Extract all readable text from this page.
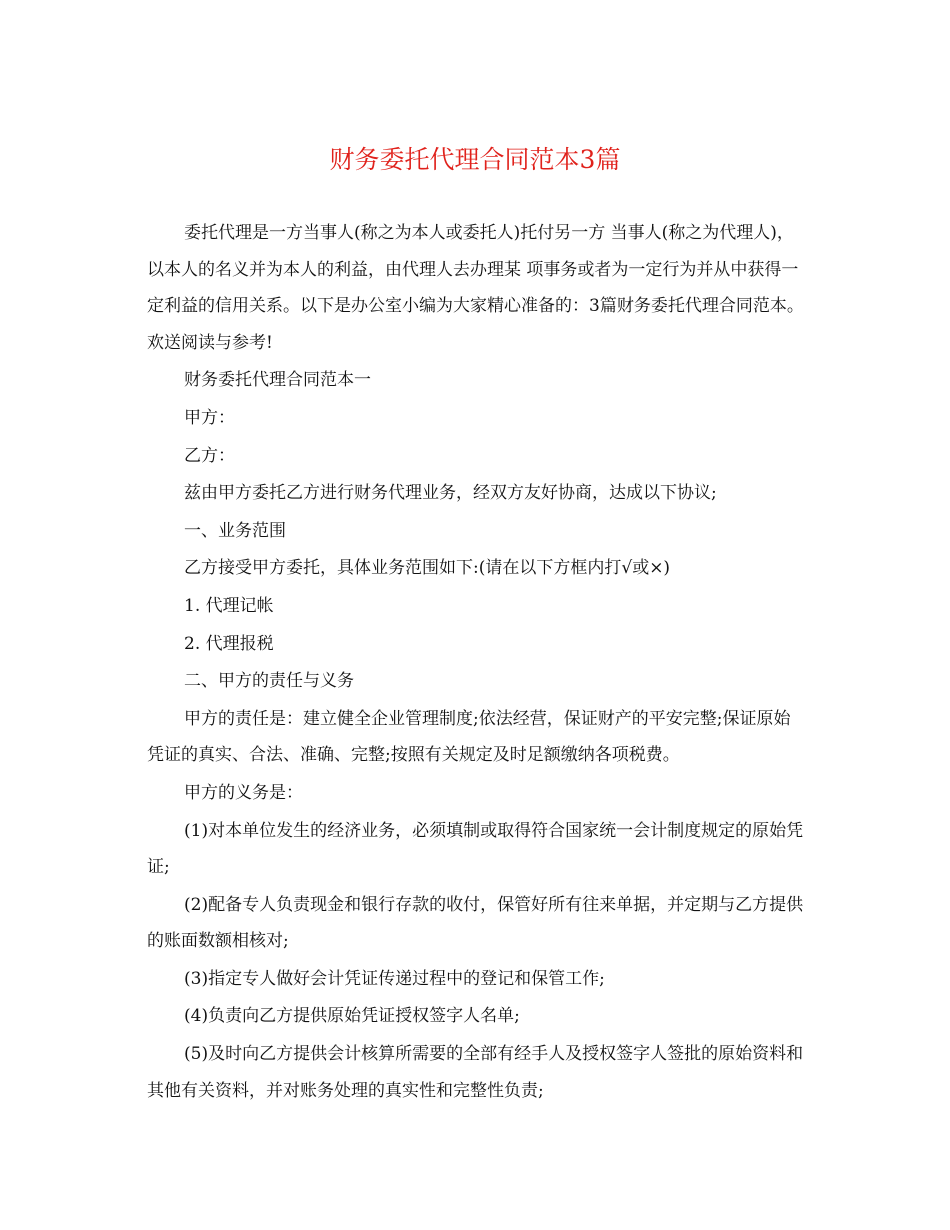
财务委托代理合同范本3篇

委托代理是一方当事人(称之为本人或委托人)托付另一方 当事人(称之为代理人)，以本人的名义并为本人的利益，由代理人去办理某 项事务或者为一定行为并从中获得一定利益的信用关系。以下是办公室小编为大家精心准备的：3篇财务委托代理合同范本。欢送阅读与参考!

财务委托代理合同范本一

甲方：

乙方：

兹由甲方委托乙方进行财务代理业务，经双方友好协商，达成以下协议;

一、业务范围

乙方接受甲方委托，具体业务范围如下:(请在以下方框内打√或×)

1. 代理记帐

2. 代理报税

二、甲方的责任与义务

甲方的责任是：建立健全企业管理制度;依法经营，保证财产的平安完整;保证原始凭证的真实、合法、准确、完整;按照有关规定及时足额缴纳各项税费。

甲方的义务是：

(1)对本单位发生的经济业务，必须填制或取得符合国家统一会计制度规定的原始凭证;

(2)配备专人负责现金和银行存款的收付，保管好所有往来单据，并定期与乙方提供的账面数额相核对;

(3)指定专人做好会计凭证传递过程中的登记和保管工作;

(4)负责向乙方提供原始凭证授权签字人名单;

(5)及时向乙方提供会计核算所需要的全部有经手人及授权签字人签批的原始资料和其他有关资料，并对账务处理的真实性和完整性负责;
